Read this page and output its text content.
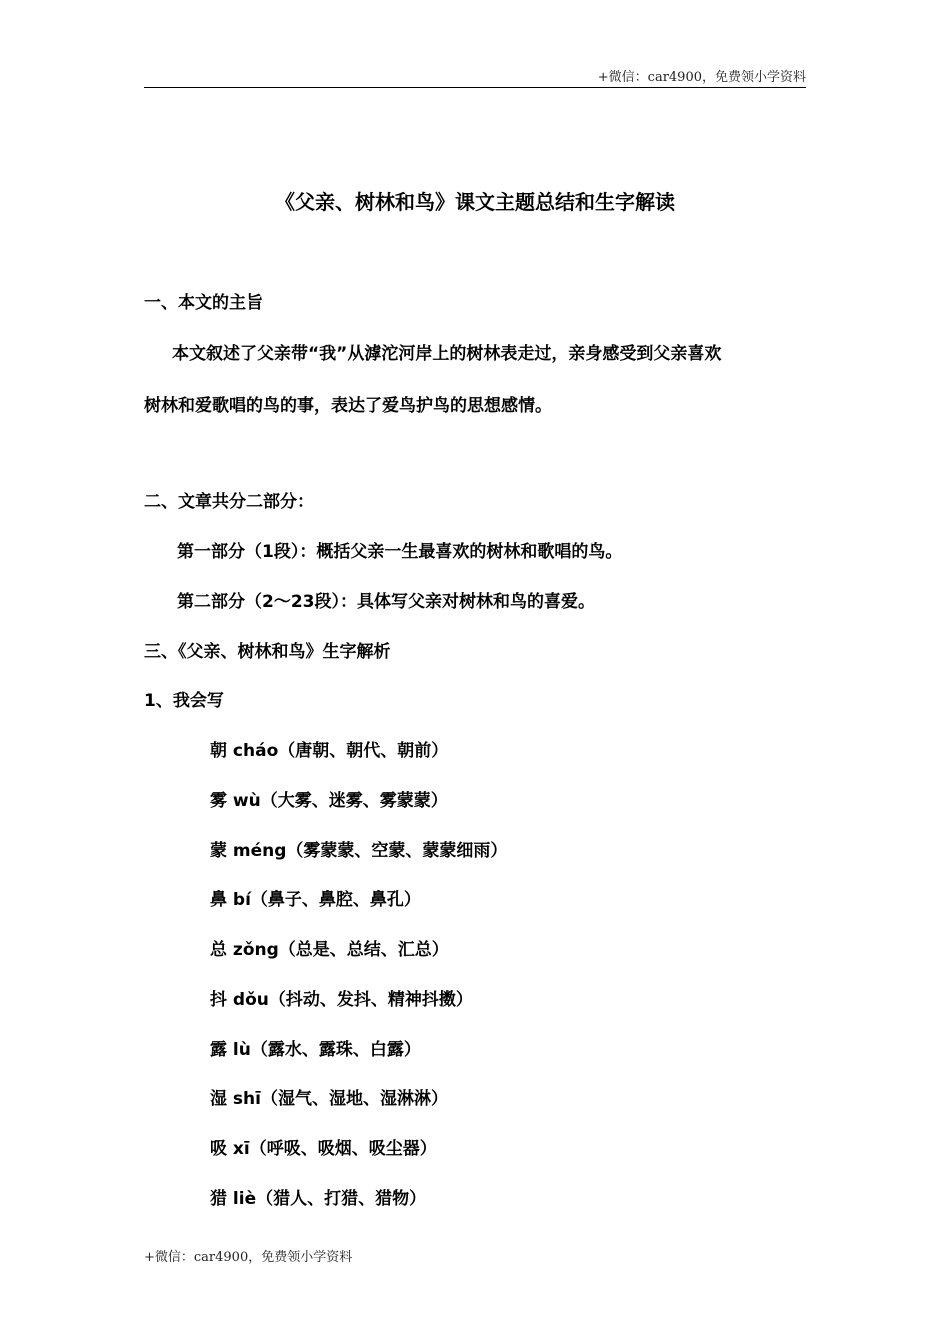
+微信：car4900，免费领小学资料
《父亲、树林和鸟》课文主题总结和生字解读
一、本文的主旨
本文叙述了父亲带“我”从滹沱河岸上的树林表走过，亲身感受到父亲喜欢
树林和爱歌唱的鸟的事，表达了爱鸟护鸟的思想感情。
二、文章共分二部分：
第一部分（1段）：概括父亲一生最喜欢的树林和歌唱的鸟。
第二部分（2～23段）：具体写父亲对树林和鸟的喜爱。
三、《父亲、树林和鸟》生字解析
1、我会写
朝 cháo（唐朝、朝代、朝前）
雾 wù（大雾、迷雾、雾蒙蒙）
蒙 méng（雾蒙蒙、空蒙、蒙蒙细雨）
鼻 bí（鼻子、鼻腔、鼻孔）
总 zǒng（总是、总结、汇总）
抖 dǒu（抖动、发抖、精神抖擞）
露 lù（露水、露珠、白露）
湿 shī（湿气、湿地、湿淋淋）
吸 xī（呼吸、吸烟、吸尘器）
猎 liè（猎人、打猎、猎物）
+微信：car4900，免费领小学资料
